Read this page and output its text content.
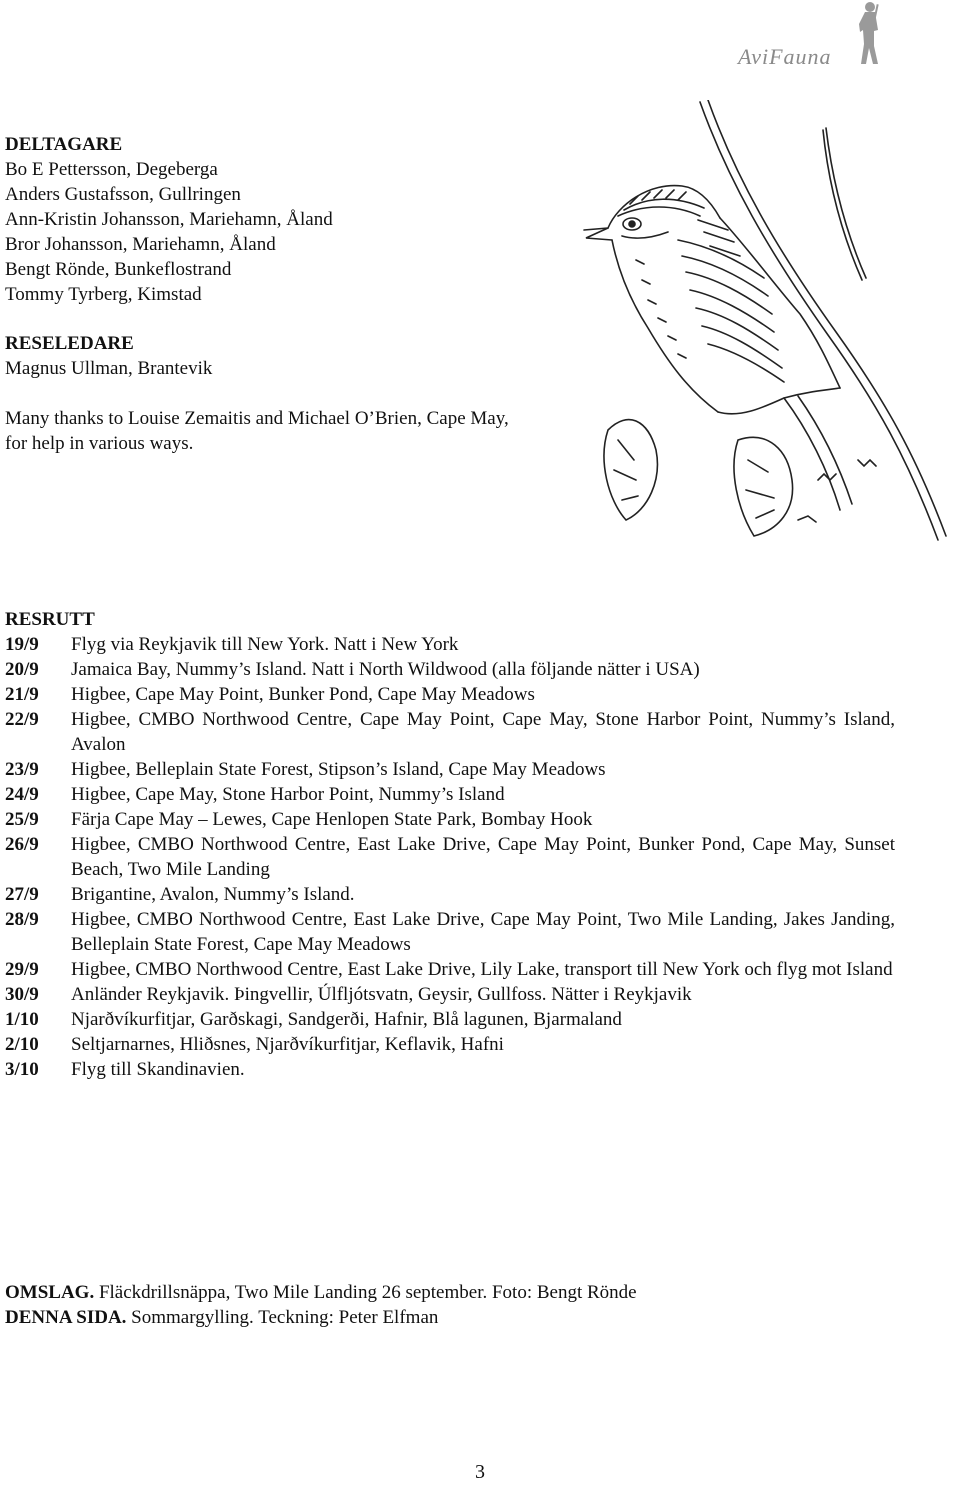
AviFauna
DELTAGARE
Bo E Pettersson, Degeberga
Anders Gustafsson, Gullringen
Ann-Kristin Johansson, Mariehamn, Åland
Bror Johansson, Mariehamn, Åland
Bengt Rönde, Bunkeflostrand
Tommy Tyrberg, Kimstad
RESELEDARE
Magnus Ullman, Brantevik
Many thanks to Louise Zemaitis and Michael O’Brien, Cape May,
for help in various ways.
RESRUTT
19/9	Flyg via Reykjavik till New York. Natt i New York
20/9	Jamaica Bay, Nummy’s Island. Natt i North Wildwood (alla följande nätter i USA)
21/9	Higbee, Cape May Point, Bunker Pond, Cape May Meadows
22/9	Higbee, CMBO Northwood Centre, Cape May Point, Cape May, Stone Harbor Point, Nummy’s Island, Avalon
23/9	Higbee, Belleplain State Forest, Stipson’s Island, Cape May Meadows
24/9	Higbee, Cape May, Stone Harbor Point, Nummy’s Island
25/9	Färja Cape May – Lewes, Cape Henlopen State Park, Bombay Hook
26/9	Higbee, CMBO Northwood Centre, East Lake Drive, Cape May Point, Bunker Pond, Cape May, Sunset Beach, Two Mile Landing
27/9	Brigantine, Avalon, Nummy’s Island.
28/9	Higbee, CMBO Northwood Centre, East Lake Drive, Cape May Point, Two Mile Landing, Jakes Janding, Belleplain State Forest, Cape May Meadows
29/9	Higbee, CMBO Northwood Centre, East Lake Drive, Lily Lake, transport till New York och flyg mot Island
30/9	Anländer Reykjavik. Þingvellir, Úlfljótsvatn, Geysir, Gullfoss. Nätter i Reykjavik
1/10	Njarðvíkurfitjar, Garðskagi, Sandgerði, Hafnir, Blå lagunen, Bjarmaland
2/10	Seltjarnarnes, Hliðsnes, Njarðvíkurfitjar, Keflavik, Hafni
3/10	Flyg till Skandinavien.
OMSLAG. Fläckdrillsnäppa, Two Mile Landing 26 september. Foto: Bengt Rönde
DENNA SIDA. Sommargylling. Teckning: Peter Elfman
3
